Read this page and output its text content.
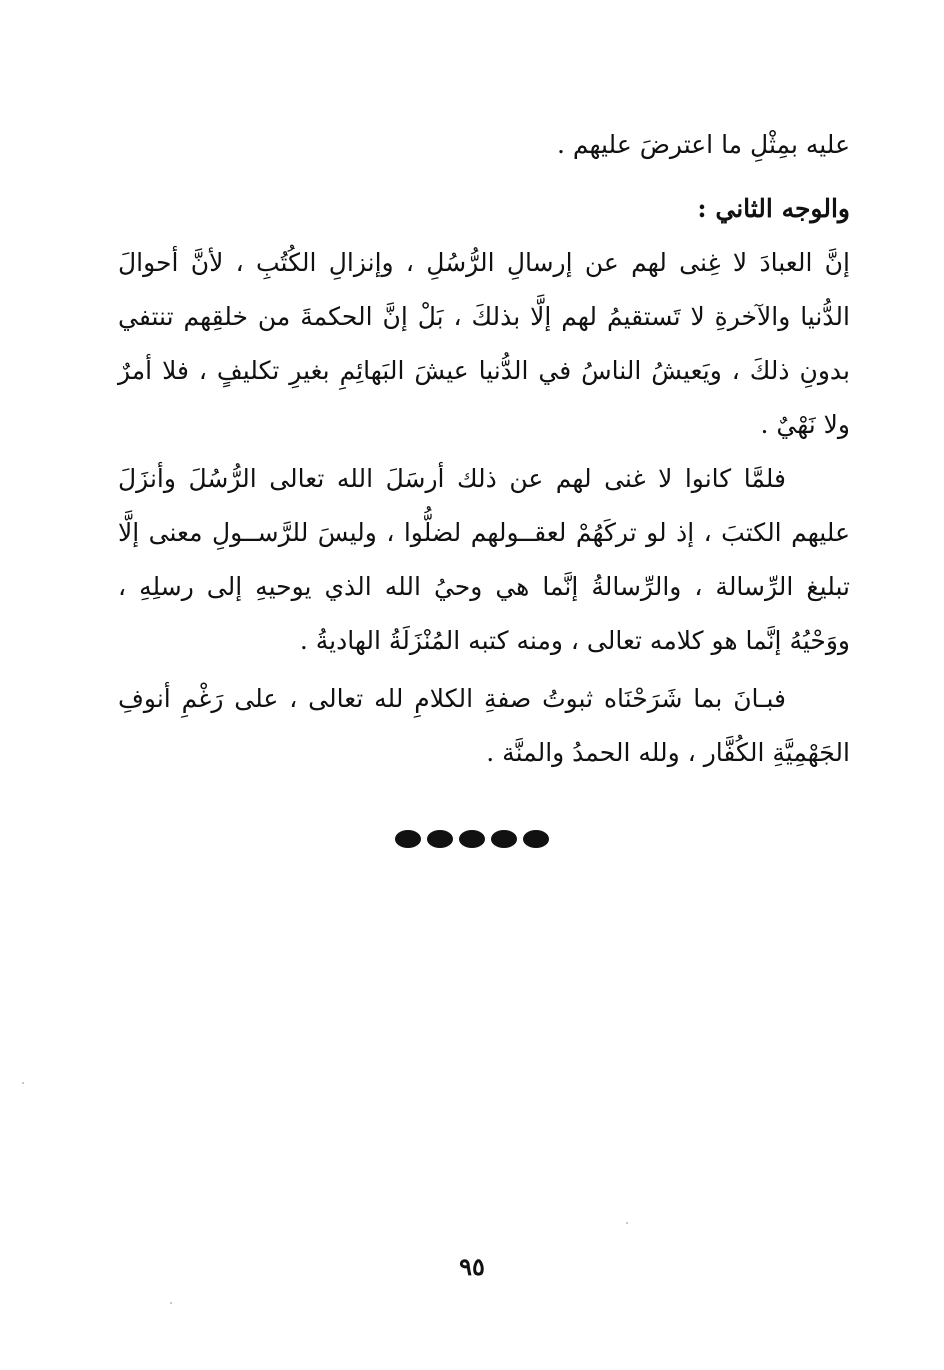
عليه بمِثْلِ ما اعترضَ عليهم .

والوجه الثاني :

إنَّ العبادَ لا غِنى لهم عن إرسالِ الرُّسُلِ ، وإنزالِ الكُتُبِ ، لأنَّ أحوالَ الدُّنيا والآخرةِ لا تَستقيمُ لهم إلَّا بذلكَ ، بَلْ إنَّ الحكمةَ من خلقِهم تنتفي بدونِ ذلكَ ، ويَعيشُ الناسُ في الدُّنيا عيشَ البَهائِمِ بغيرِ تكليفٍ ، فلا أمرٌ ولا نَهْيٌ .

فلمَّا كانوا لا غنى لهم عن ذلك أرسَلَ الله تعالى الرُّسُلَ وأنزَلَ عليهم الكتبَ ، إذ لو تركَهُمْ لعقــولهم لضلُّوا ، وليسَ للرَّســولِ معنى إلَّا تبليغ الرِّسالة ، والرِّسالةُ إنَّما هي وحيُ الله الذي يوحيهِ إلى رسلِهِ ، ووَحْيُهُ إنَّما هو كلامه تعالى ، ومنه كتبه المُنْزَلَةُ الهاديةُ .

فبـانَ بما شَرَحْنَاه ثبوتُ صفةِ الكلامِ لله تعالى ، على رَغْمِ أنوفِ الجَهْمِيَّةِ الكُفَّار ، ولله الحمدُ والمنَّة .

٩٥
